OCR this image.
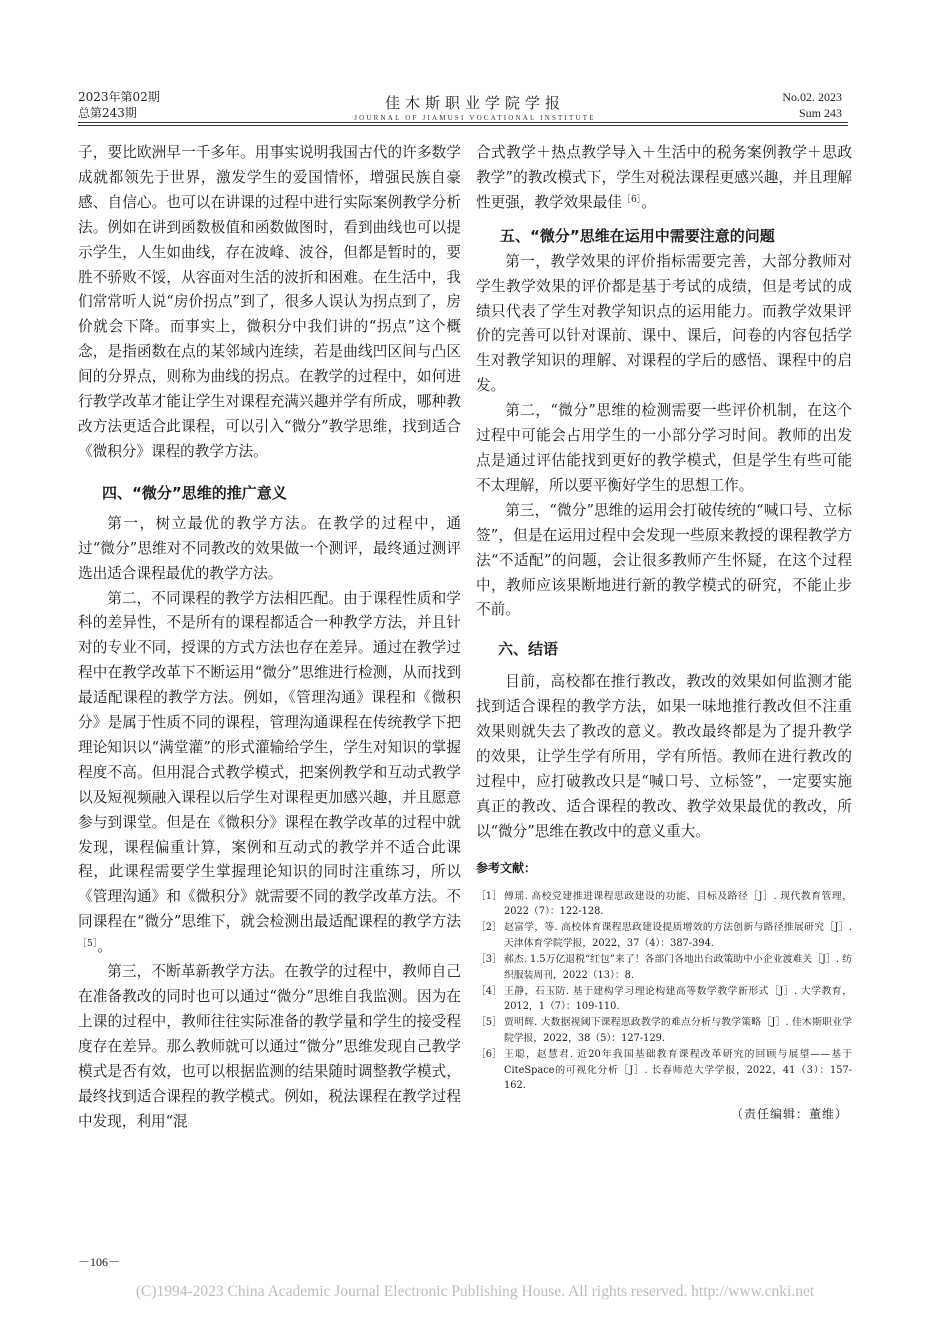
2023年第02期
总第243期
佳木斯职业学院学报
JOURNAL OF JIAMUSI VOCATIONAL INSTITUTE
No.02. 2023
Sum 243

子，要比欧洲早一千多年。用事实说明我国古代的许多数学成就都领先于世界，激发学生的爱国情怀，增强民族自豪感、自信心。也可以在讲课的过程中进行实际案例教学分析法。例如在讲到函数极值和函数做图时，看到曲线也可以提示学生，人生如曲线，存在波峰、波谷，但都是暂时的，要胜不骄败不馁，从容面对生活的波折和困难。在生活中，我们常常听人说“房价拐点”到了，很多人误认为拐点到了，房价就会下降。而事实上，微积分中我们讲的“拐点”这个概念，是指函数在点的某邻域内连续，若是曲线凹区间与凸区间的分界点，则称为曲线的拐点。在教学的过程中，如何进行教学改革才能让学生对课程充满兴趣并学有所成，哪种教改方法更适合此课程，可以引入“微分”教学思维，找到适合《微积分》课程的教学方法。

四、“微分”思维的推广意义

第一，树立最优的教学方法。在教学的过程中，通过“微分”思维对不同教改的效果做一个测评，最终通过测评选出适合课程最优的教学方法。

第二，不同课程的教学方法相匹配。由于课程性质和学科的差异性，不是所有的课程都适合一种教学方法，并且针对的专业不同，授课的方式方法也存在差异。通过在教学过程中在教学改革下不断运用“微分”思维进行检测，从而找到最适配课程的教学方法。例如，《管理沟通》课程和《微积分》是属于性质不同的课程，管理沟通课程在传统教学下把理论知识以“满堂灌”的形式灌输给学生，学生对知识的掌握程度不高。但用混合式教学模式，把案例教学和互动式教学以及短视频融入课程以后学生对课程更加感兴趣，并且愿意参与到课堂。但是在《微积分》课程在教学改革的过程中就发现，课程偏重计算，案例和互动式的教学并不适合此课程，此课程需要学生掌握理论知识的同时注重练习，所以《管理沟通》和《微积分》就需要不同的教学改革方法。不同课程在“微分”思维下，就会检测出最适配课程的教学方法$^{[5]}$。

第三，不断革新教学方法。在教学的过程中，教师自己在准备教改的同时也可以通过“微分”思维自我监测。因为在上课的过程中，教师往往实际准备的教学量和学生的接受程度存在差异。那么教师就可以通过“微分”思维发现自己教学模式是否有效，也可以根据监测的结果随时调整教学模式，最终找到适合课程的教学模式。例如，税法课程在教学过程中发现，利用“混

合式教学＋热点教学导入＋生活中的税务案例教学＋思政教学”的教改模式下，学生对税法课程更感兴趣，并且理解性更强，教学效果最佳$^{[6]}$。

五、“微分”思维在运用中需要注意的问题

第一，教学效果的评价指标需要完善，大部分教师对学生教学效果的评价都是基于考试的成绩，但是考试的成绩只代表了学生对教学知识点的运用能力。而教学效果评价的完善可以针对课前、课中、课后，问卷的内容包括学生对教学知识的理解、对课程的学后的感悟、课程中的启发。

第二，“微分”思维的检测需要一些评价机制，在这个过程中可能会占用学生的一小部分学习时间。教师的出发点是通过评估能找到更好的教学模式，但是学生有些可能不太理解，所以要平衡好学生的思想工作。

第三，“微分”思维的运用会打破传统的“喊口号、立标签”，但是在运用过程中会发现一些原来教授的课程教学方法“不适配”的问题，会让很多教师产生怀疑，在这个过程中，教师应该果断地进行新的教学模式的研究，不能止步不前。

六、结语

目前，高校都在推行教改，教改的效果如何监测才能找到适合课程的教学方法，如果一味地推行教改但不注重效果则就失去了教改的意义。教改最终都是为了提升教学的效果，让学生学有所用，学有所悟。教师在进行教改的过程中，应打破教改只是“喊口号、立标签”，一定要实施真正的教改、适合课程的教改、教学效果最优的教改，所以“微分”思维在教改中的意义重大。

参考文献：
［1］ 傅瑶. 高校党建推进课程思政建设的功能、目标及路径［J］. 现代教育管理，2022（7）：122-128.
［2］ 赵富学，等. 高校体育课程思政建设提质增效的方法创新与路径推展研究［J］. 天津体育学院学报，2022，37（4）：387-394.
［3］ 郝杰. 1.5万亿退税“红包”来了！各部门各地出台政策助中小企业渡难关［J］. 纺织服装周刊，2022（13）：8.
［4］ 王静，石玉防. 基于建构学习理论构建高等数学教学新形式［J］. 大学教育，2012，1（7）：109-110.
［5］ 贾明辉. 大数据视阈下课程思政教学的难点分析与教学策略［J］. 佳木斯职业学院学报，2022，38（5）：127-129.
［6］ 王聪，赵慧君. 近20年我国基础教育课程改革研究的回顾与展望——基于CiteSpace的可视化分析［J］. 长春师范大学学报，2022，41（3）：157-162.
（责任编辑：董维）
－106－
(C)1994-2023 China Academic Journal Electronic Publishing House. All rights reserved. http://www.cnki.net
